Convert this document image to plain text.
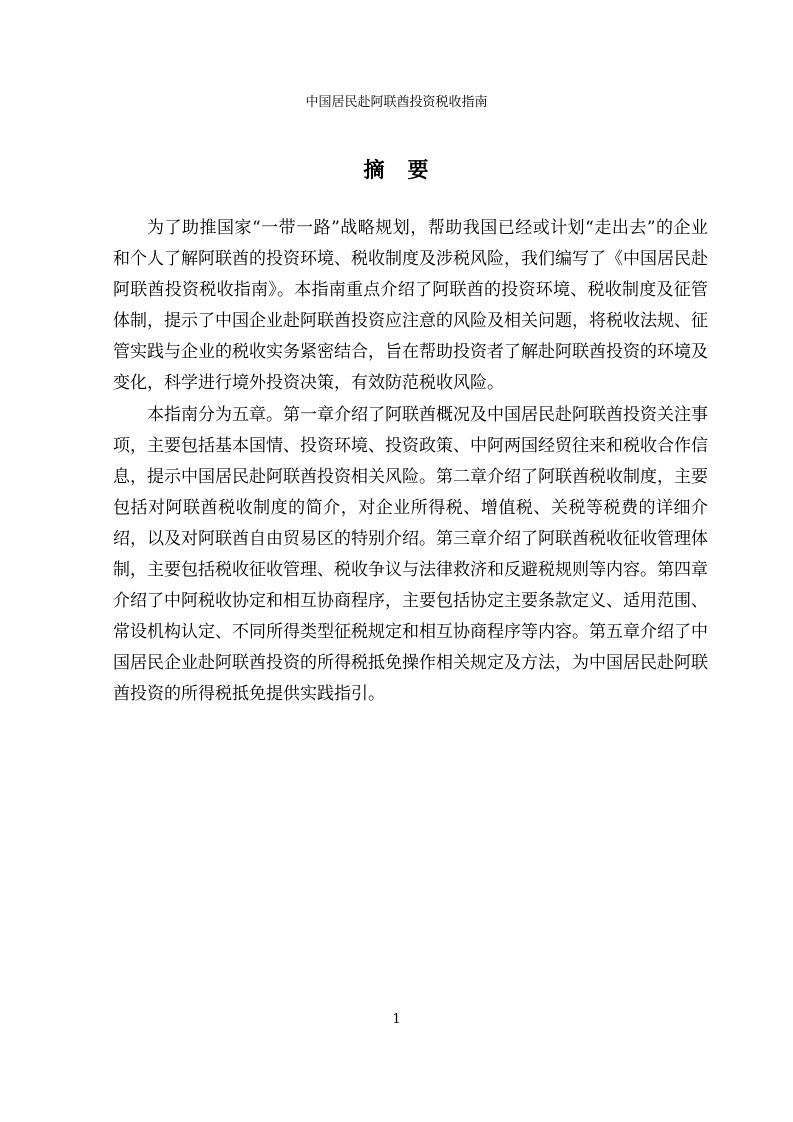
中国居民赴阿联酋投资税收指南
摘　要

为了助推国家“一带一路”战略规划，帮助我国已经或计划“走出去”的企业和个人了解阿联酋的投资环境、税收制度及涉税风险，我们编写了《中国居民赴阿联酋投资税收指南》。本指南重点介绍了阿联酋的投资环境、税收制度及征管体制，提示了中国企业赴阿联酋投资应注意的风险及相关问题，将税收法规、征管实践与企业的税收实务紧密结合，旨在帮助投资者了解赴阿联酋投资的环境及变化，科学进行境外投资决策，有效防范税收风险。

本指南分为五章。第一章介绍了阿联酋概况及中国居民赴阿联酋投资关注事项，主要包括基本国情、投资环境、投资政策、中阿两国经贸往来和税收合作信息，提示中国居民赴阿联酋投资相关风险。第二章介绍了阿联酋税收制度，主要包括对阿联酋税收制度的简介，对企业所得税、增值税、关税等税费的详细介绍，以及对阿联酋自由贸易区的特别介绍。第三章介绍了阿联酋税收征收管理体制，主要包括税收征收管理、税收争议与法律救济和反避税规则等内容。第四章介绍了中阿税收协定和相互协商程序，主要包括协定主要条款定义、适用范围、常设机构认定、不同所得类型征税规定和相互协商程序等内容。第五章介绍了中国居民企业赴阿联酋投资的所得税抵免操作相关规定及方法，为中国居民赴阿联酋投资的所得税抵免提供实践指引。

1
